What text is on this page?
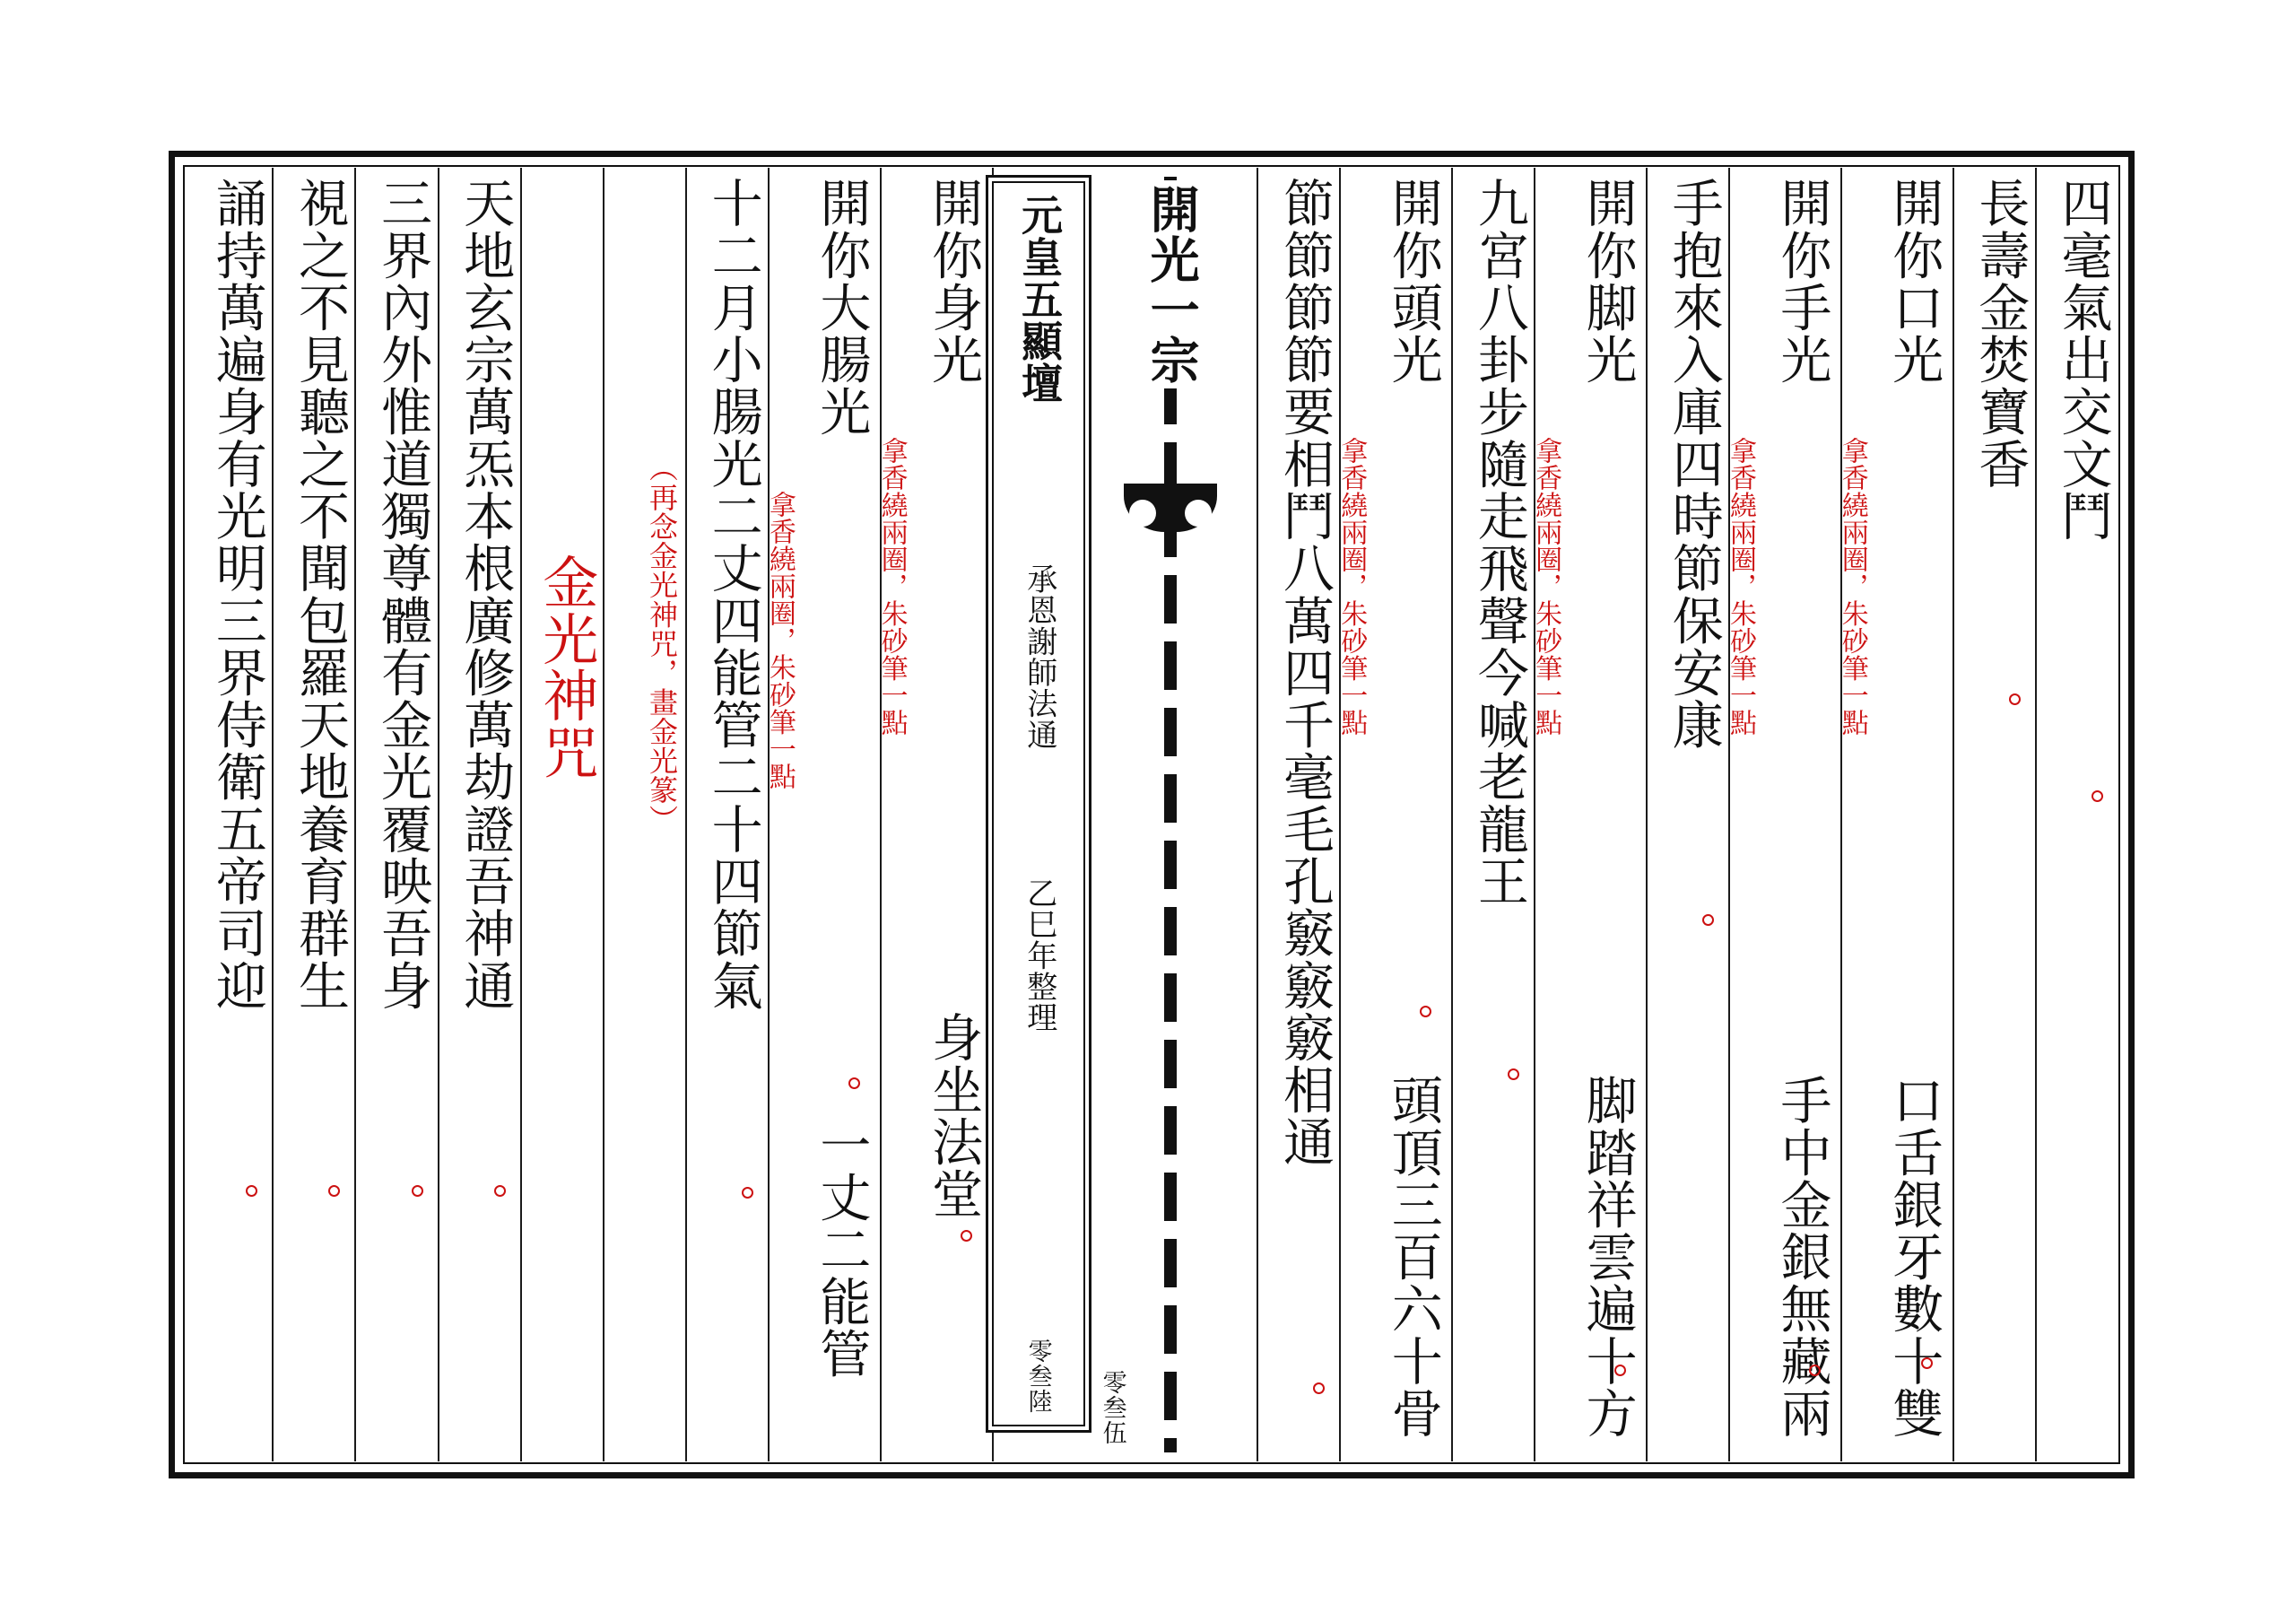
四毫氣出交文鬥
長壽金焚寶香
開你口光
拿香繞兩圈，朱砂筆一點
口舌銀牙數十雙
開你手光
拿香繞兩圈，朱砂筆一點
手中金銀無藏兩
手抱來入庫四時節保安康
開你脚光
拿香繞兩圈，朱砂筆一點
脚踏祥雲遍十方
九宮八卦步隨走飛聲今喊老龍王
開你頭光
拿香繞兩圈，朱砂筆一點
頭頂三百六十骨
節節節節要相鬥八萬四千毫毛孔竅竅竅相通
開光一宗
元皇五顯壇
承恩謝師法通
乙巳年整理
零叁陸 零叁伍
開你身光
拿香繞兩圈，朱砂筆一點
身坐法堂
開你大腸光
拿香繞兩圈，朱砂筆一點
一丈二能管
十二月小腸光二丈四能管二十四節氣
（再念金光神咒，畫金光篆）
金光神咒
天地玄宗萬炁本根廣修萬劫證吾神通
三界內外惟道獨尊體有金光覆映吾身
視之不見聽之不聞包羅天地養育群生
誦持萬遍身有光明三界侍衛五帝司迎
